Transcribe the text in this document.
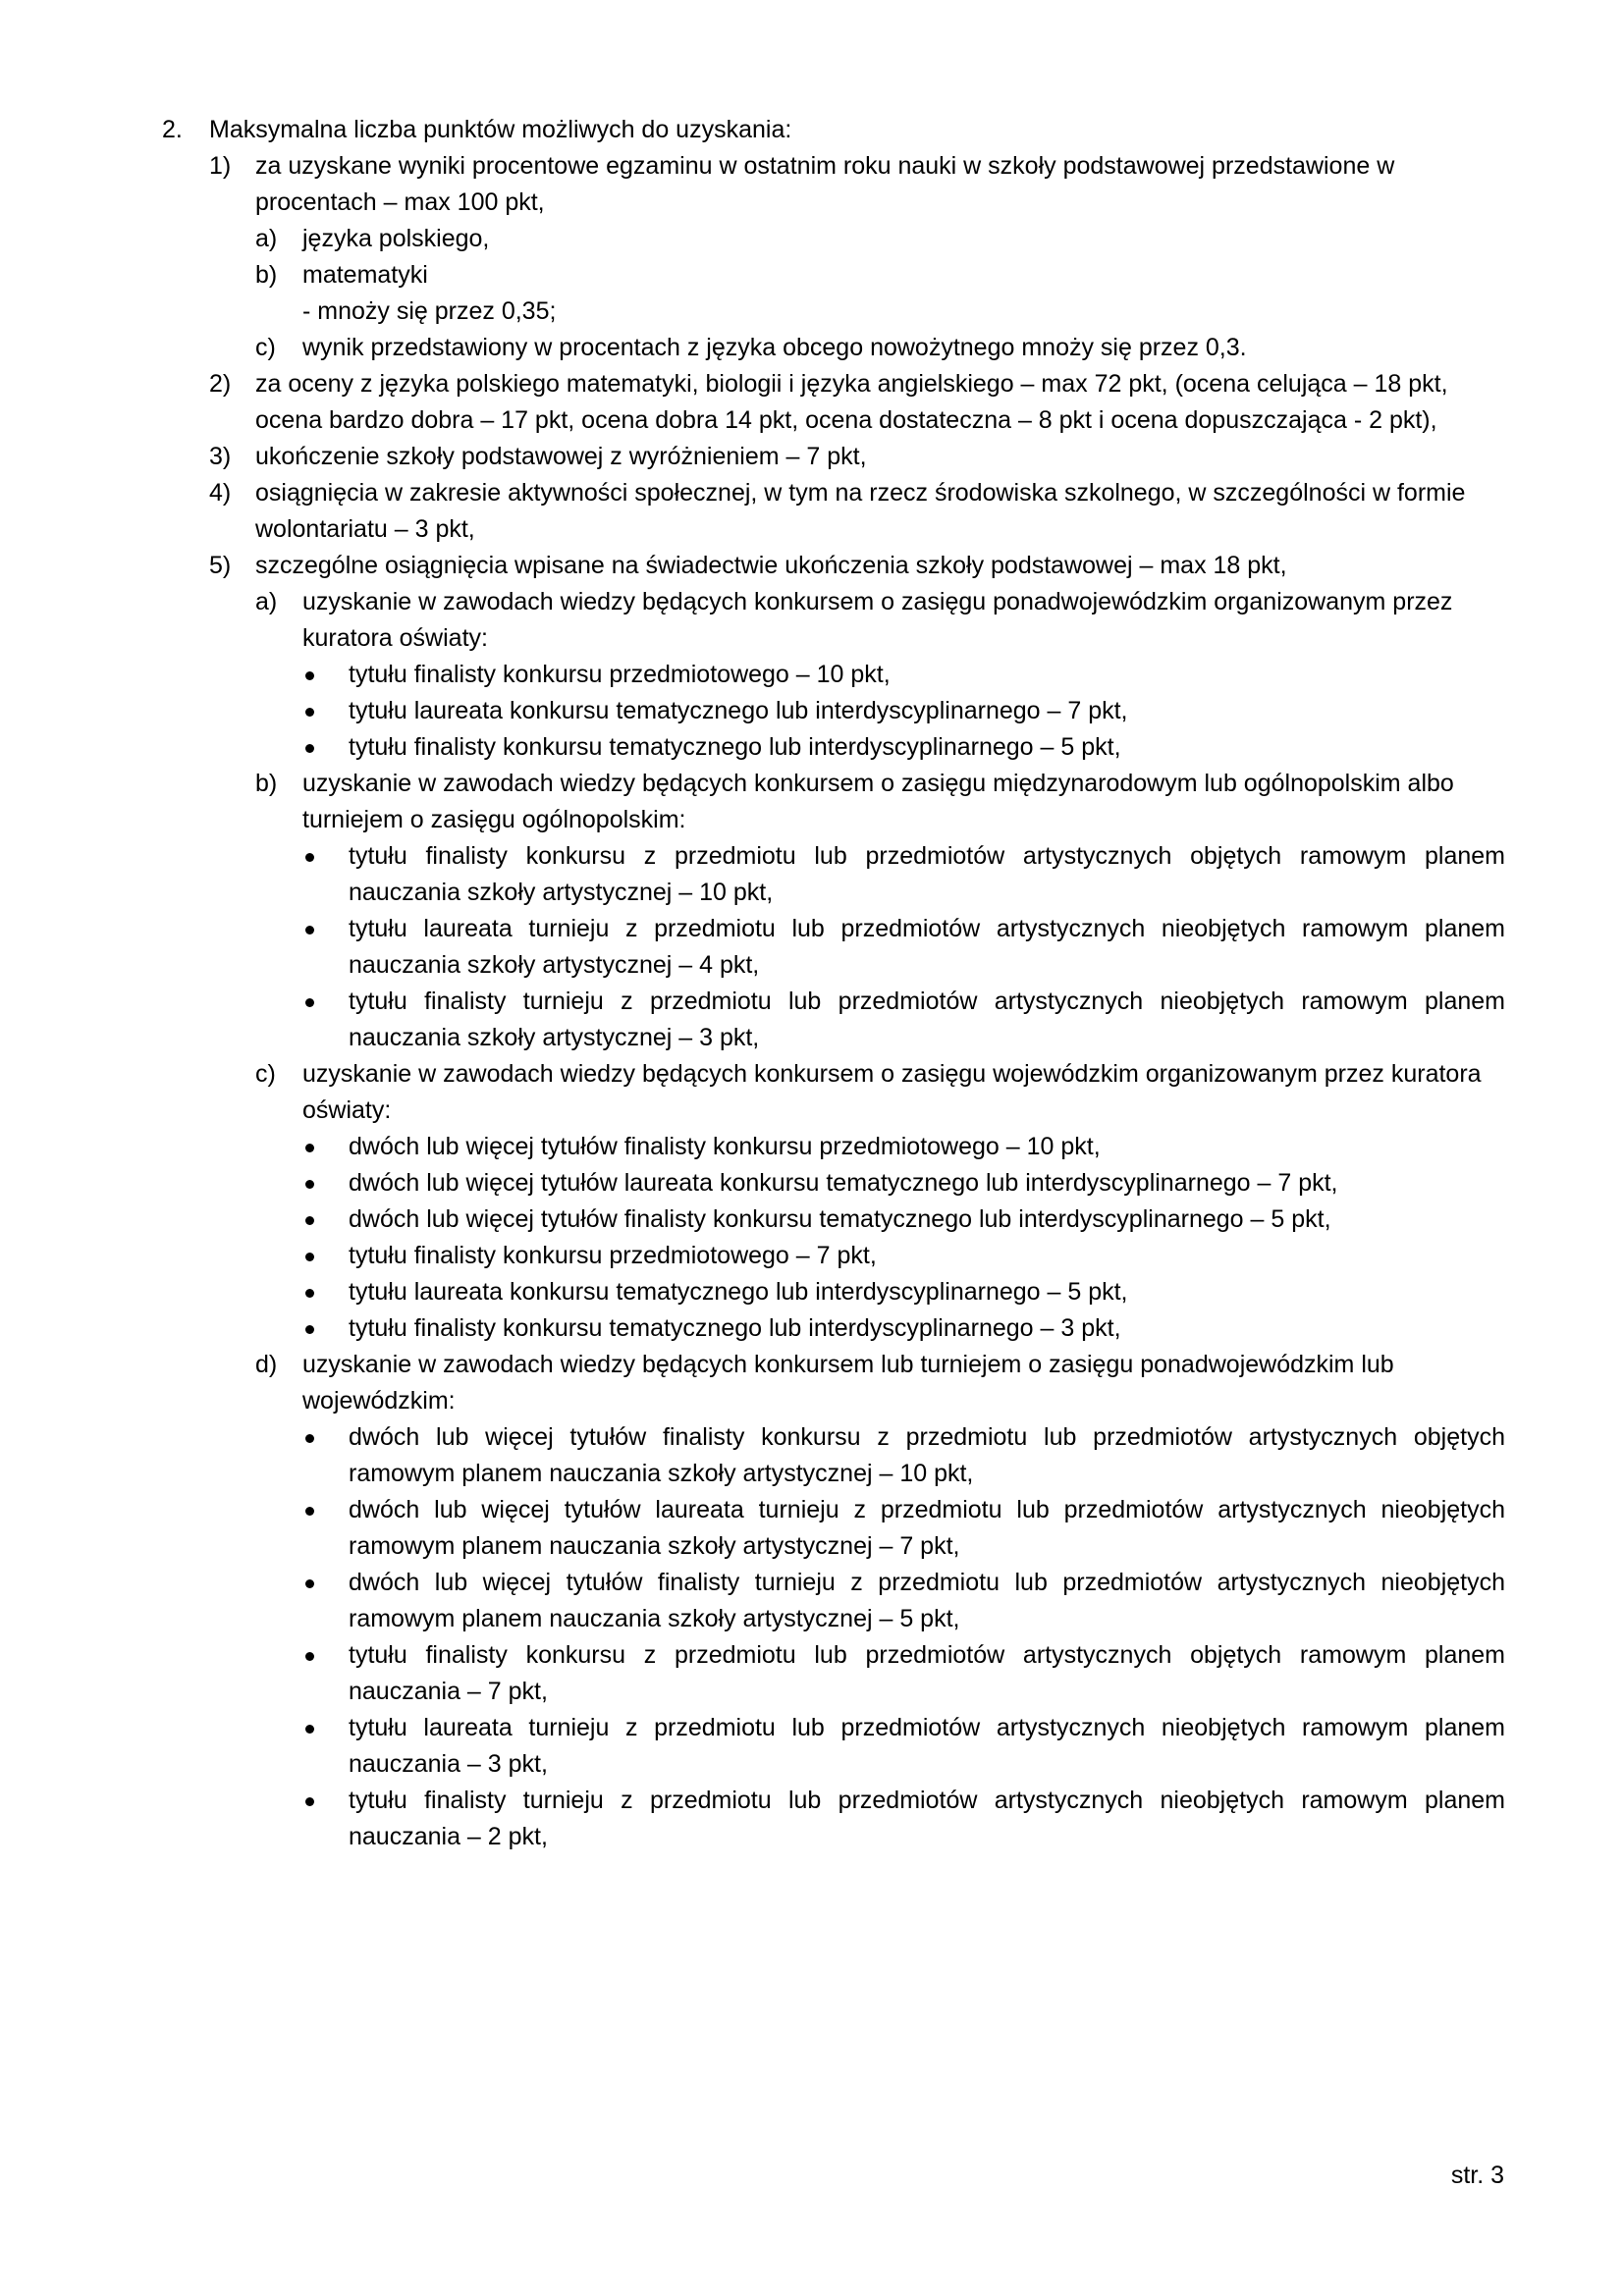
2.	Maksymalna liczba punktów możliwych do uzyskania:

1) za uzyskane wyniki procentowe egzaminu w ostatnim roku nauki w szkoły podstawowej przedstawione w procentach – max 100 pkt,

a)	języka polskiego,

b)	matematyki

- mnoży się przez 0,35;

c)	wynik przedstawiony w procentach z języka obcego nowożytnego mnoży się przez 0,3.

2) za oceny z języka polskiego matematyki, biologii i języka angielskiego – max 72 pkt, (ocena celująca – 18 pkt, ocena bardzo dobra – 17 pkt, ocena dobra 14 pkt, ocena dostateczna – 8 pkt i ocena dopuszczająca - 2 pkt),

3) ukończenie szkoły podstawowej z wyróżnieniem – 7 pkt,

4) osiągnięcia w zakresie aktywności społecznej, w tym na rzecz środowiska szkolnego, w szczególności w formie wolontariatu – 3 pkt,

5) szczególne osiągnięcia wpisane na świadectwie ukończenia szkoły podstawowej – max 18 pkt,

a)	uzyskanie w zawodach wiedzy będących konkursem o zasięgu ponadwojewódzkim organizowanym przez kuratora oświaty:

tytułu finalisty konkursu przedmiotowego – 10 pkt,

tytułu laureata konkursu tematycznego lub interdyscyplinarnego – 7 pkt,

tytułu finalisty konkursu tematycznego lub interdyscyplinarnego – 5 pkt,

b)	uzyskanie w zawodach wiedzy będących konkursem o zasięgu międzynarodowym lub ogólnopolskim albo turniejem o zasięgu ogólnopolskim:

tytułu finalisty konkursu z przedmiotu lub przedmiotów artystycznych objętych ramowym planem nauczania szkoły artystycznej – 10 pkt,

tytułu laureata turnieju z przedmiotu lub przedmiotów artystycznych nieobjętych ramowym planem nauczania szkoły artystycznej – 4 pkt,

tytułu finalisty turnieju z przedmiotu lub przedmiotów artystycznych nieobjętych ramowym planem nauczania szkoły artystycznej – 3 pkt,

c)	uzyskanie w zawodach wiedzy będących konkursem o zasięgu wojewódzkim organizowanym przez kuratora oświaty:

dwóch lub więcej tytułów finalisty konkursu przedmiotowego – 10 pkt,

dwóch lub więcej tytułów laureata konkursu tematycznego lub interdyscyplinarnego – 7 pkt,

dwóch lub więcej tytułów finalisty konkursu tematycznego lub interdyscyplinarnego – 5 pkt,

tytułu finalisty konkursu przedmiotowego – 7 pkt,

tytułu laureata konkursu tematycznego lub interdyscyplinarnego – 5 pkt,

tytułu finalisty konkursu tematycznego lub interdyscyplinarnego – 3 pkt,

d)	uzyskanie w zawodach wiedzy będących konkursem lub turniejem o zasięgu ponadwojewódzkim lub wojewódzkim:

dwóch lub więcej tytułów finalisty konkursu z przedmiotu lub przedmiotów artystycznych objętych ramowym planem nauczania szkoły artystycznej – 10 pkt,

dwóch lub więcej tytułów laureata turnieju z przedmiotu lub przedmiotów artystycznych nieobjętych ramowym planem nauczania szkoły artystycznej – 7 pkt,

dwóch lub więcej tytułów finalisty turnieju z przedmiotu lub przedmiotów artystycznych nieobjętych ramowym planem nauczania szkoły artystycznej – 5 pkt,

tytułu finalisty konkursu z przedmiotu lub przedmiotów artystycznych objętych ramowym planem nauczania – 7 pkt,

tytułu laureata turnieju z przedmiotu lub przedmiotów artystycznych nieobjętych ramowym planem nauczania – 3 pkt,

tytułu finalisty turnieju z przedmiotu lub przedmiotów artystycznych nieobjętych ramowym planem nauczania – 2 pkt,

str. 3
